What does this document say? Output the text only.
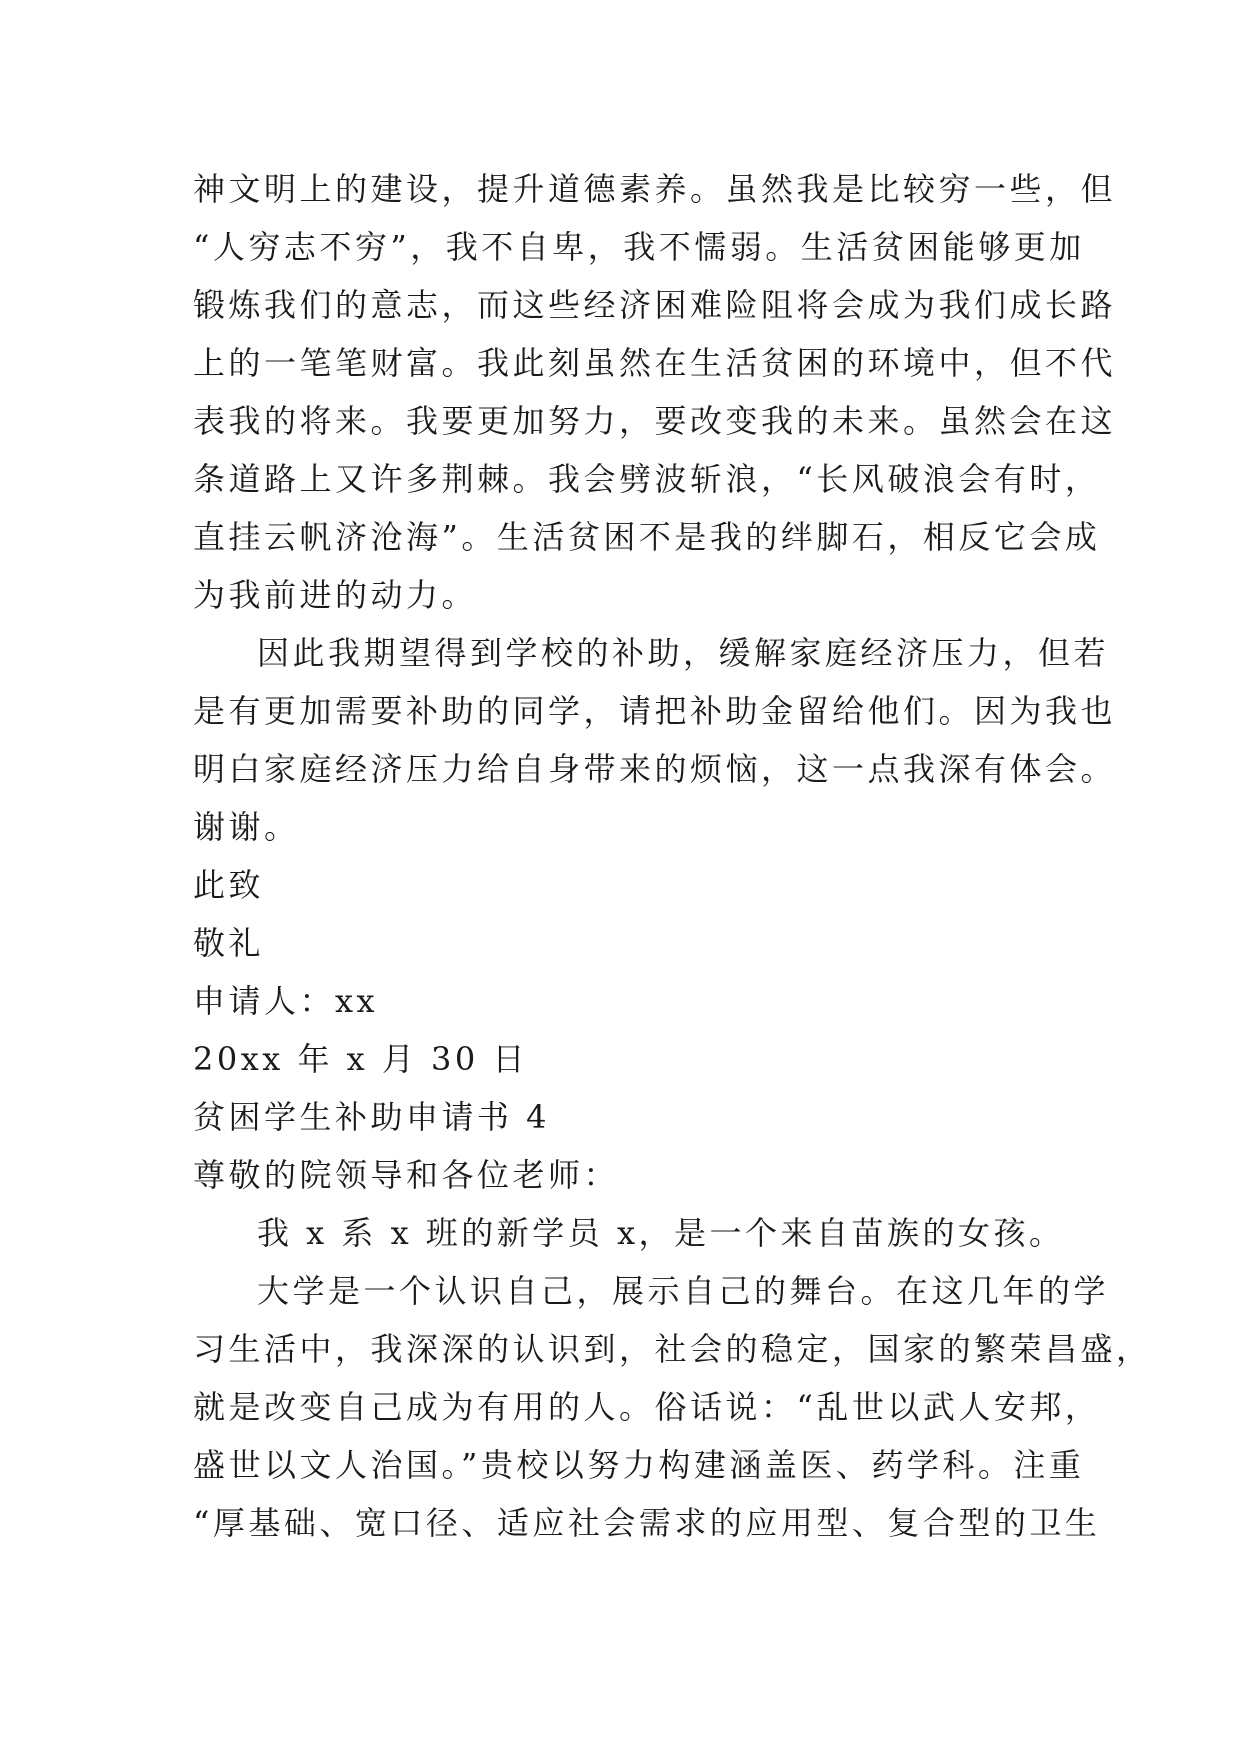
神文明上的建设，提升道德素养。虽然我是比较穷一些，但
“人穷志不穷”，我不自卑，我不懦弱。生活贫困能够更加
锻炼我们的意志，而这些经济困难险阻将会成为我们成长路
上的一笔笔财富。我此刻虽然在生活贫困的环境中，但不代
表我的将来。我要更加努力，要改变我的未来。虽然会在这
条道路上又许多荆棘。我会劈波斩浪，“长风破浪会有时，
直挂云帆济沧海”。生活贫困不是我的绊脚石，相反它会成
为我前进的动力。
因此我期望得到学校的补助，缓解家庭经济压力，但若
是有更加需要补助的同学，请把补助金留给他们。因为我也
明白家庭经济压力给自身带来的烦恼，这一点我深有体会。
谢谢。
此致
敬礼
申请人：xx
20xx 年 x 月 30 日
贫困学生补助申请书 4
尊敬的院领导和各位老师：
我 x 系 x 班的新学员 x，是一个来自苗族的女孩。
大学是一个认识自己，展示自己的舞台。在这几年的学
习生活中，我深深的认识到，社会的稳定，国家的繁荣昌盛，
就是改变自己成为有用的人。俗话说：“乱世以武人安邦，
盛世以文人治国。”贵校以努力构建涵盖医、药学科。注重
“厚基础、宽口径、适应社会需求的应用型、复合型的卫生
